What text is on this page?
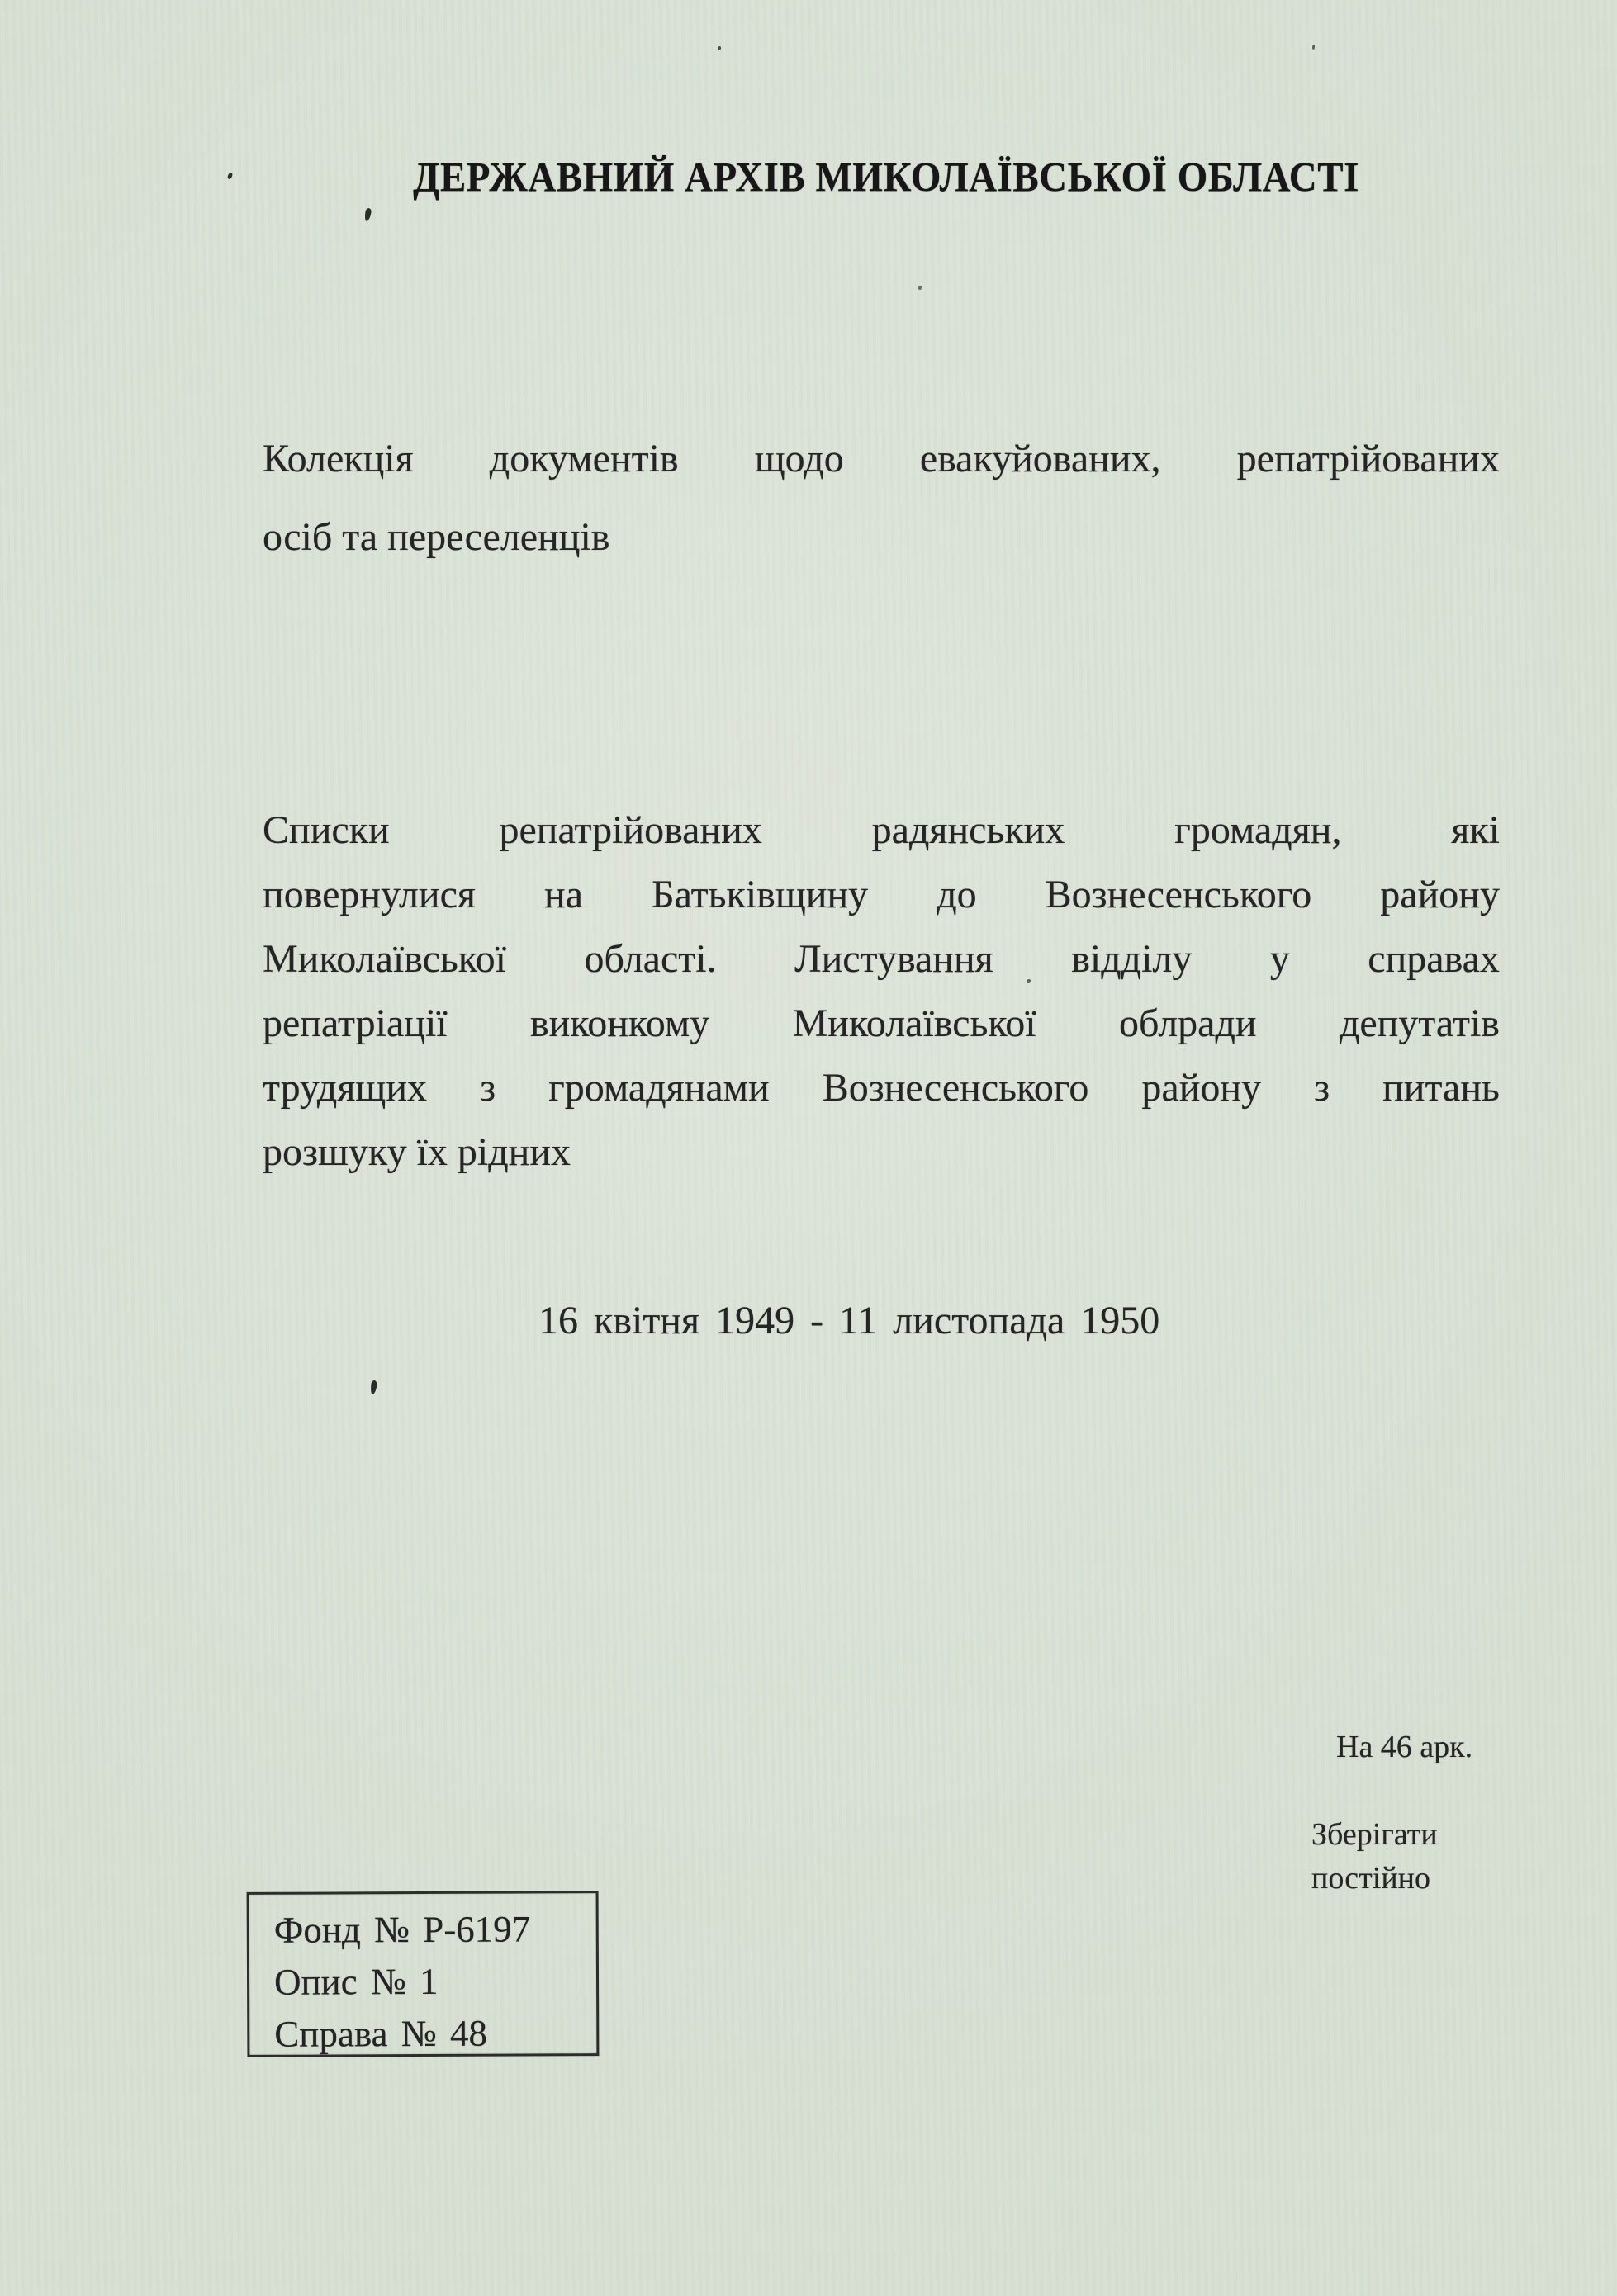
ДЕРЖАВНИЙ АРХІВ МИКОЛАЇВСЬКОЇ ОБЛАСТІ
Колекція документів щодо евакуйованих, репатрійованих
осіб та переселенців
Списки	репатрійованих	радянських	громадян,	які
повернулися на Батьківщину до Вознесенського району
Миколаївської області. Листування відділу у справах
репатріації виконкому Миколаївської облради депутатів
трудящих з громадянами Вознесенського району з питань
розшуку їх рідних
16 квітня 1949 - 11 листопада 1950
На 46 арк.
Зберігати
постійно
Фонд № Р-6197
Опис № 1
Справа № 48
